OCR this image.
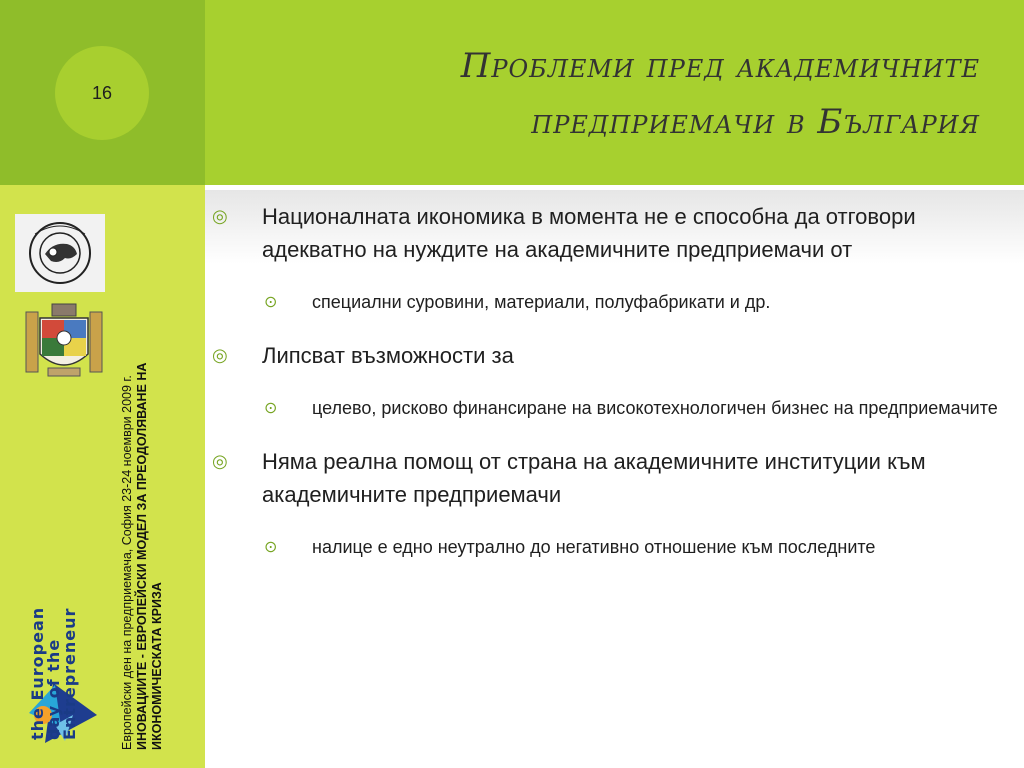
16
Проблеми пред академичните предприемачи в България
Европейски ден на предприемача, София 23-24 ноември 2009 г. ИНОВАЦИИТЕ - ЕВРОПЕЙСКИ МОДЕЛ ЗА ПРЕОДОЛЯВАНЕ НА ИКОНОМИЧЕСКАТА КРИЗА
the European
day of the
Entrepreneur
◎ Националната икономика в момента не е способна да отговори адекватно на нуждите на академичните предприемачи от
⊙ специални суровини, материали, полуфабрикати и др.
◎ Липсват възможности за
⊙ целево, рисково финансиране на високотехнологичен бизнес на предприемачите
◎ Няма реална помощ от страна на академичните институции към академичните предприемачи
⊙ налице е едно неутрално до негативно отношение към последните
